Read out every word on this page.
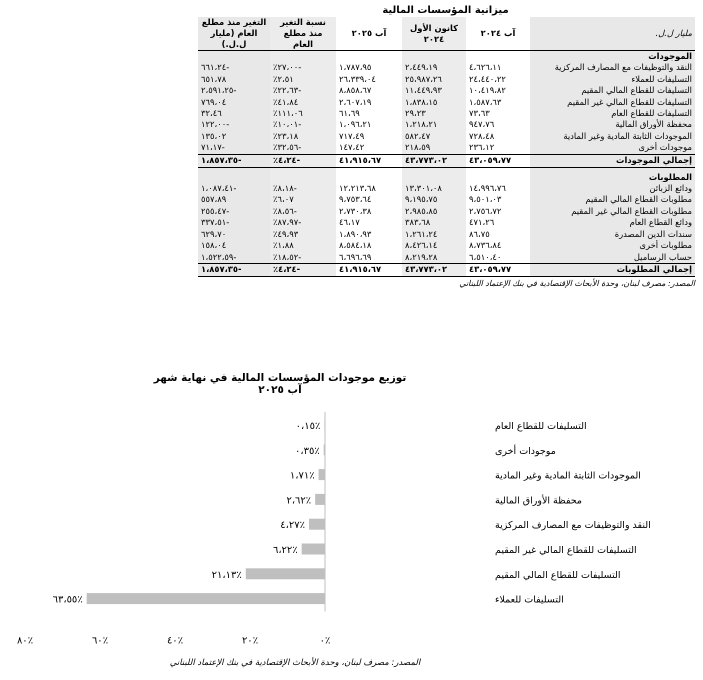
ميزانية المؤسسات المالية
مليار ل.ل.	آب ٢٠٢٤	كانون الأول ٢٠٢٤	آب ٢٠٢٥	نسبة التغير منذ مطلع العام	التغير منذ مطلع العام (مليار ل.ل.)
الموجودات					
النقد والتوظيفات مع المصارف المركزية	٤،٦٢٦،١١	٢،٤٤٩،١٩	١،٧٨٧،٩٥	-٢٧،٠٠٪	-٦٦١،٢٤
التسليفات للعملاء	٢٤،٤٤٠،٢٢	٢٥،٩٨٧،٢٦	٢٦،٣٣٩،٠٤	٢،٥١٪	٦٥١،٧٨
التسليفات للقطاع المالي المقيم	١٠،٤١٩،٨٢	١١،٤٤٩،٩٣	٨،٨٥٨،٦٧	-٢٢،٦٣٪	-٢،٥٩١،٢٥
التسليفات للقطاع المالي غير المقيم	١،٥٨٧،٦٣	١،٨٣٨،١٥	٢،٦٠٧،١٩	٤١،٨٤٪	٧٦٩،٠٤
التسليفات للقطاع العام	٧٣،٦٣	٢٩،٢٣	٦١،٦٩	١١١،٠٦٪	٣٢،٤٦
محفظة الأوراق المالية	٩٤٧،٧٦	١،٢١٨،٢١	١،٠٩٦،٢١	-١٠،٠١٪	-١٢٢،٠٠
الموجودات الثابتة المادية وغير المادية	٧٢٨،٤٨	٥٨٢،٤٧	٧١٧،٤٩	٢٣،١٨٪	١٣٥،٠٢
موجودات أخرى	٢٣٦،١٢	٢١٨،٥٩	١٤٧،٤٢	-٣٢،٥٦٪	-٧١،١٧
إجمالي الموجودات	٤٣،٠٥٩،٧٧	٤٣،٧٧٣،٠٢	٤١،٩١٥،٦٧	-٤،٢٤٪	-١،٨٥٧،٣٥

المطلوبات					
ودائع الزبائن	١٤،٩٩٦،٧٦	١٣،٣٠١،٠٨	١٢،٢١٣،٦٨	-٨،١٨٪	-١،٠٨٧،٤١
مطلوبات القطاع المالي المقيم	٩،٥٠١،٠٣	٩،١٩٥،٧٥	٩،٧٥٣،٦٤	٦،٠٧٪	٥٥٧،٨٩
مطلوبات القطاع المالي غير المقيم	٢،٧٥٦،٧٢	٢،٩٨٥،٨٥	٢،٧٣٠،٣٨	-٨،٥٦٪	-٢٥٥،٤٧
ودائع القطاع العام	٤٧١،٢٦	٣٨٣،٦٨	٤٦،١٧	-٨٧،٩٧٪	-٣٣٧،٥١
سندات الدين المصدرة	٨٦،٧٥	١،٢٦١،٢٤	١،٨٩٠،٩٣	٤٩،٩٣٪	٦٢٩،٧٠
مطلوبات أخرى	٨،٧٣٦،٨٤	٨،٤٢٦،١٤	٨،٥٨٤،١٨	١،٨٨٪	١٥٨،٠٤
حساب الرساميل	٦،٥١٠،٤٠	٨،٢١٩،٢٨	٦،٦٩٦،٦٩	-١٨،٥٢٪	-١،٥٢٢،٥٩
إجمالي المطلوبات	٤٣،٠٥٩،٧٧	٤٣،٧٧٣،٠٢	٤١،٩١٥،٦٧	-٤،٢٤٪	-١،٨٥٧،٣٥
المصدر: مصرف لبنان، وحدة الأبحاث الإقتصادية في بنك الإعتماد اللبناني
توزيع موجودات المؤسسات المالية في نهاية شهر آب ٢٠٢٥
٠،١٥٪	التسليفات للقطاع العام
٠،٣٥٪	موجودات أخرى
١،٧١٪	الموجودات الثابتة المادية وغير المادية
٢،٦٢٪	محفظة الأوراق المالية
٤،٢٧٪	النقد والتوظيفات مع المصارف المركزية
٦،٢٢٪	التسليفات للقطاع المالي غير المقيم
٢١،١٣٪	التسليفات للقطاع المالي المقيم
٦٣،٥٥٪	التسليفات للعملاء
٠٪
٢٠٪
٤٠٪
٦٠٪
٨٠٪
المصدر: مصرف لبنان، وحدة الأبحاث الإقتصادية في بنك الإعتماد اللبناني
